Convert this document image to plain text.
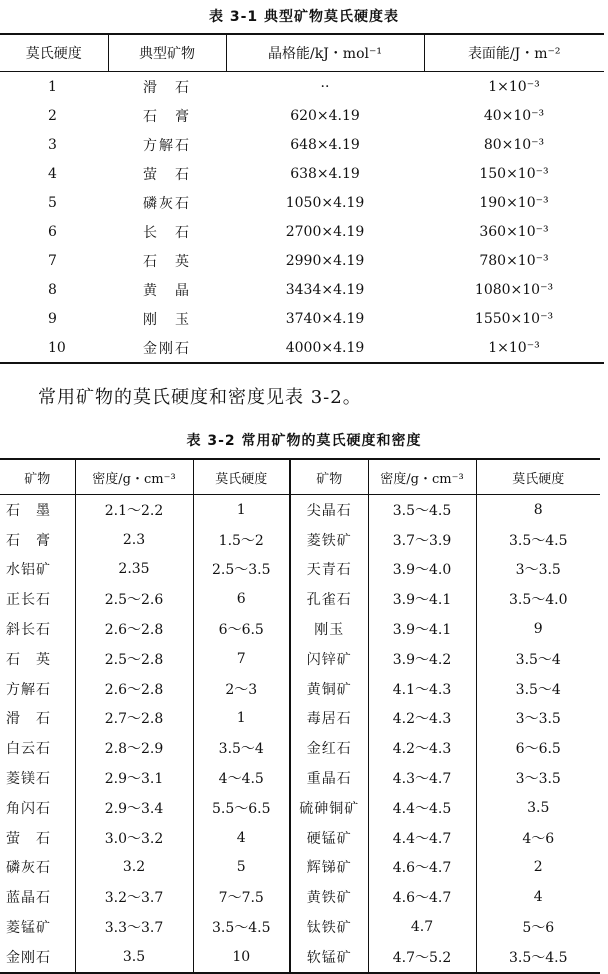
表 3-1 典型矿物莫氏硬度表
莫氏硬度	典型矿物	晶格能/kJ・mol⁻¹	表面能/J・m⁻²
1	滑　石	··	1×10⁻³
2	石　膏	620×4.19	40×10⁻³
3	方解石	648×4.19	80×10⁻³
4	萤　石	638×4.19	150×10⁻³
5	磷灰石	1050×4.19	190×10⁻³
6	长　石	2700×4.19	360×10⁻³
7	石　英	2990×4.19	780×10⁻³
8	黄　晶	3434×4.19	1080×10⁻³
9	刚　玉	3740×4.19	1550×10⁻³
10	金刚石	4000×4.19	1×10⁻³
常用矿物的莫氏硬度和密度见表 3-2。
表 3-2 常用矿物的莫氏硬度和密度
矿物	密度/g・cm⁻³	莫氏硬度	矿物	密度/g・cm⁻³	莫氏硬度
石　墨	2.1～2.2	1	尖晶石	3.5～4.5	8
石　膏	2.3	1.5～2	菱铁矿	3.7～3.9	3.5～4.5
水铝矿	2.35	2.5～3.5	天青石	3.9～4.0	3～3.5
正长石	2.5～2.6	6	孔雀石	3.9～4.1	3.5～4.0
斜长石	2.6～2.8	6～6.5	刚玉	3.9～4.1	9
石　英	2.5～2.8	7	闪锌矿	3.9～4.2	3.5～4
方解石	2.6～2.8	2～3	黄铜矿	4.1～4.3	3.5～4
滑　石	2.7～2.8	1	毒居石	4.2～4.3	3～3.5
白云石	2.8～2.9	3.5～4	金红石	4.2～4.3	6～6.5
菱镁石	2.9～3.1	4～4.5	重晶石	4.3～4.7	3～3.5
角闪石	2.9～3.4	5.5～6.5	硫砷铜矿	4.4～4.5	3.5
萤　石	3.0～3.2	4	硬锰矿	4.4～4.7	4～6
磷灰石	3.2	5	辉锑矿	4.6～4.7	2
蓝晶石	3.2～3.7	7～7.5	黄铁矿	4.6～4.7	4
菱锰矿	3.3～3.7	3.5～4.5	钛铁矿	4.7	5～6
金刚石	3.5	10	软锰矿	4.7～5.2	3.5～4.5
